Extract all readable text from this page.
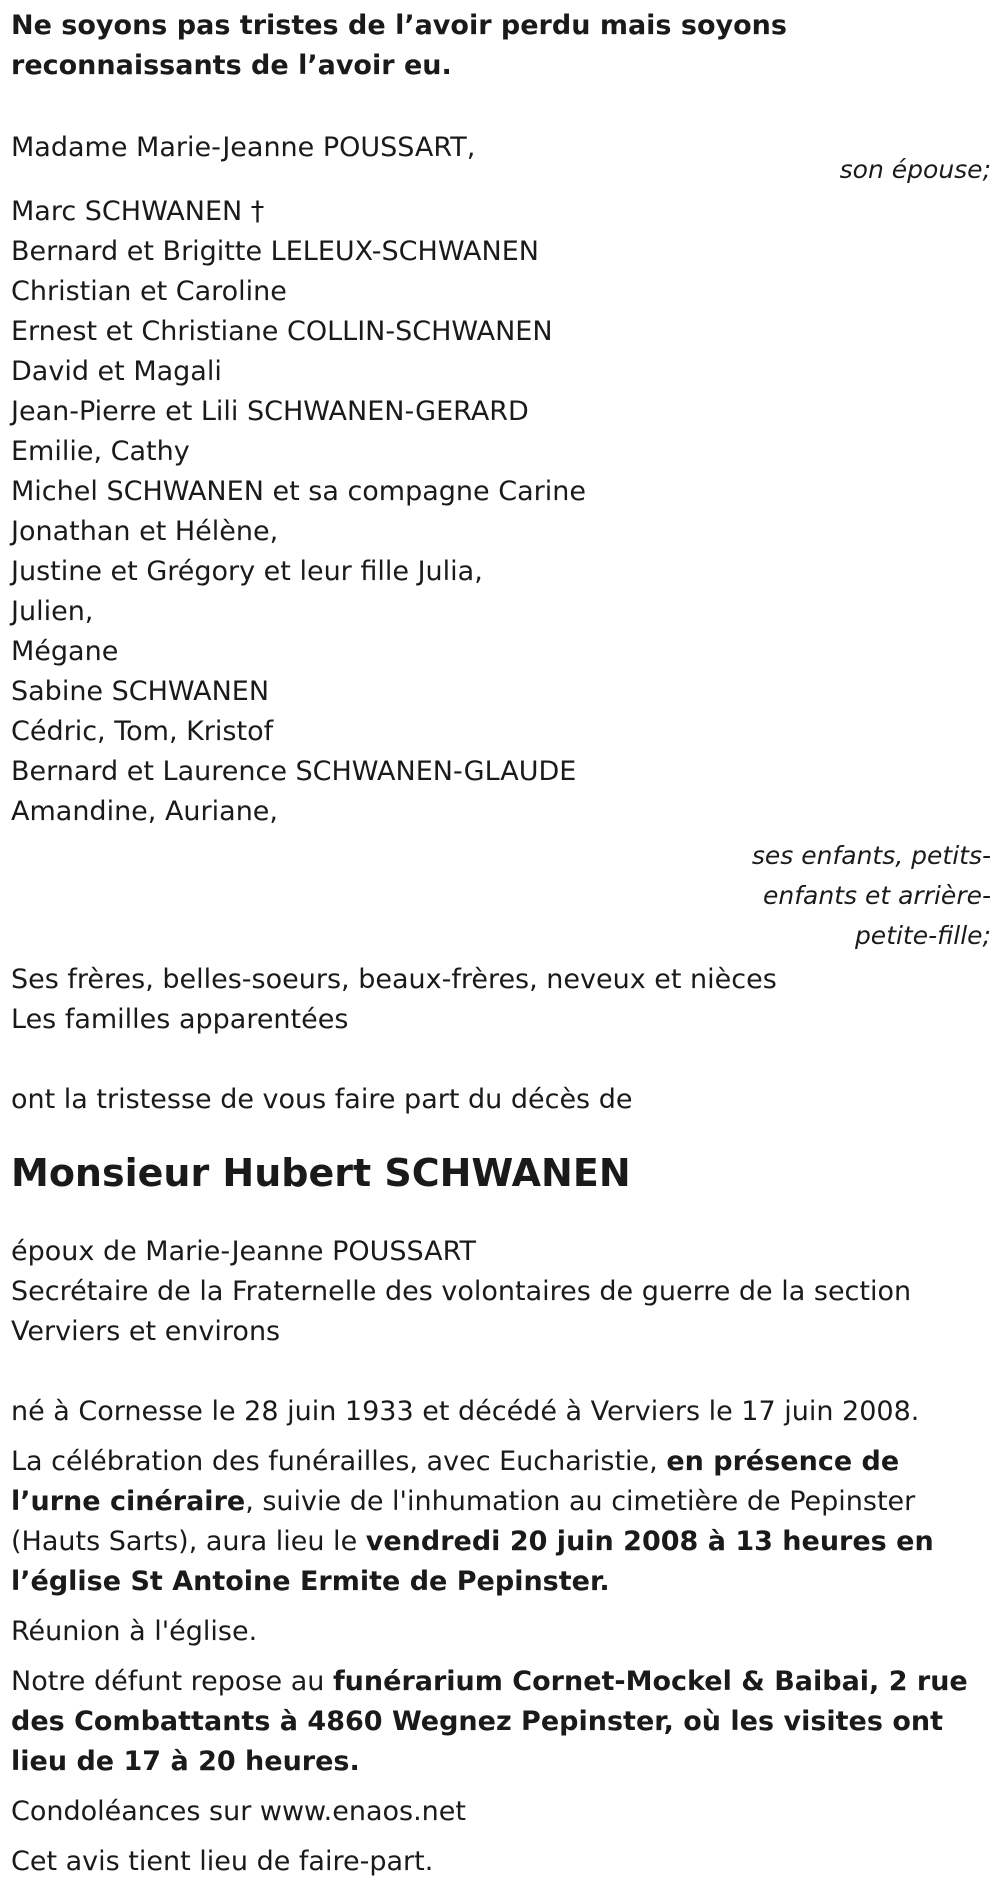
Ne soyons pas tristes de l’avoir perdu mais soyons reconnaissants de l’avoir eu.
Madame Marie-Jeanne POUSSART,
son épouse;
Marc SCHWANEN †
Bernard et Brigitte LELEUX-SCHWANEN
Christian et Caroline
Ernest et Christiane COLLIN-SCHWANEN
David et Magali
Jean-Pierre et Lili SCHWANEN-GERARD
Emilie, Cathy
Michel SCHWANEN et sa compagne Carine
Jonathan et Hélène,
Justine et Grégory et leur fille Julia,
Julien,
Mégane
Sabine SCHWANEN
Cédric, Tom, Kristof
Bernard et Laurence SCHWANEN-GLAUDE
Amandine, Auriane,
ses enfants, petits-
enfants et arrière-
petite-fille;
Ses frères, belles-soeurs, beaux-frères, neveux et nièces
Les familles apparentées
ont la tristesse de vous faire part du décès de
Monsieur Hubert SCHWANEN
époux de Marie-Jeanne POUSSART
Secrétaire de la Fraternelle des volontaires de guerre de la section
Verviers et environs
né à Cornesse le 28 juin 1933 et décédé à Verviers le 17 juin 2008.
La célébration des funérailles, avec Eucharistie, en présence de l’urne cinéraire, suivie de l'inhumation au cimetière de Pepinster (Hauts Sarts), aura lieu le vendredi 20 juin 2008 à 13 heures en l’église St Antoine Ermite de Pepinster.
Réunion à l'église.
Notre défunt repose au funérarium Cornet-Mockel & Baibai, 2 rue des Combattants à 4860 Wegnez Pepinster, où les visites ont lieu de 17 à 20 heures.
Condoléances sur www.enaos.net
Cet avis tient lieu de faire-part.
